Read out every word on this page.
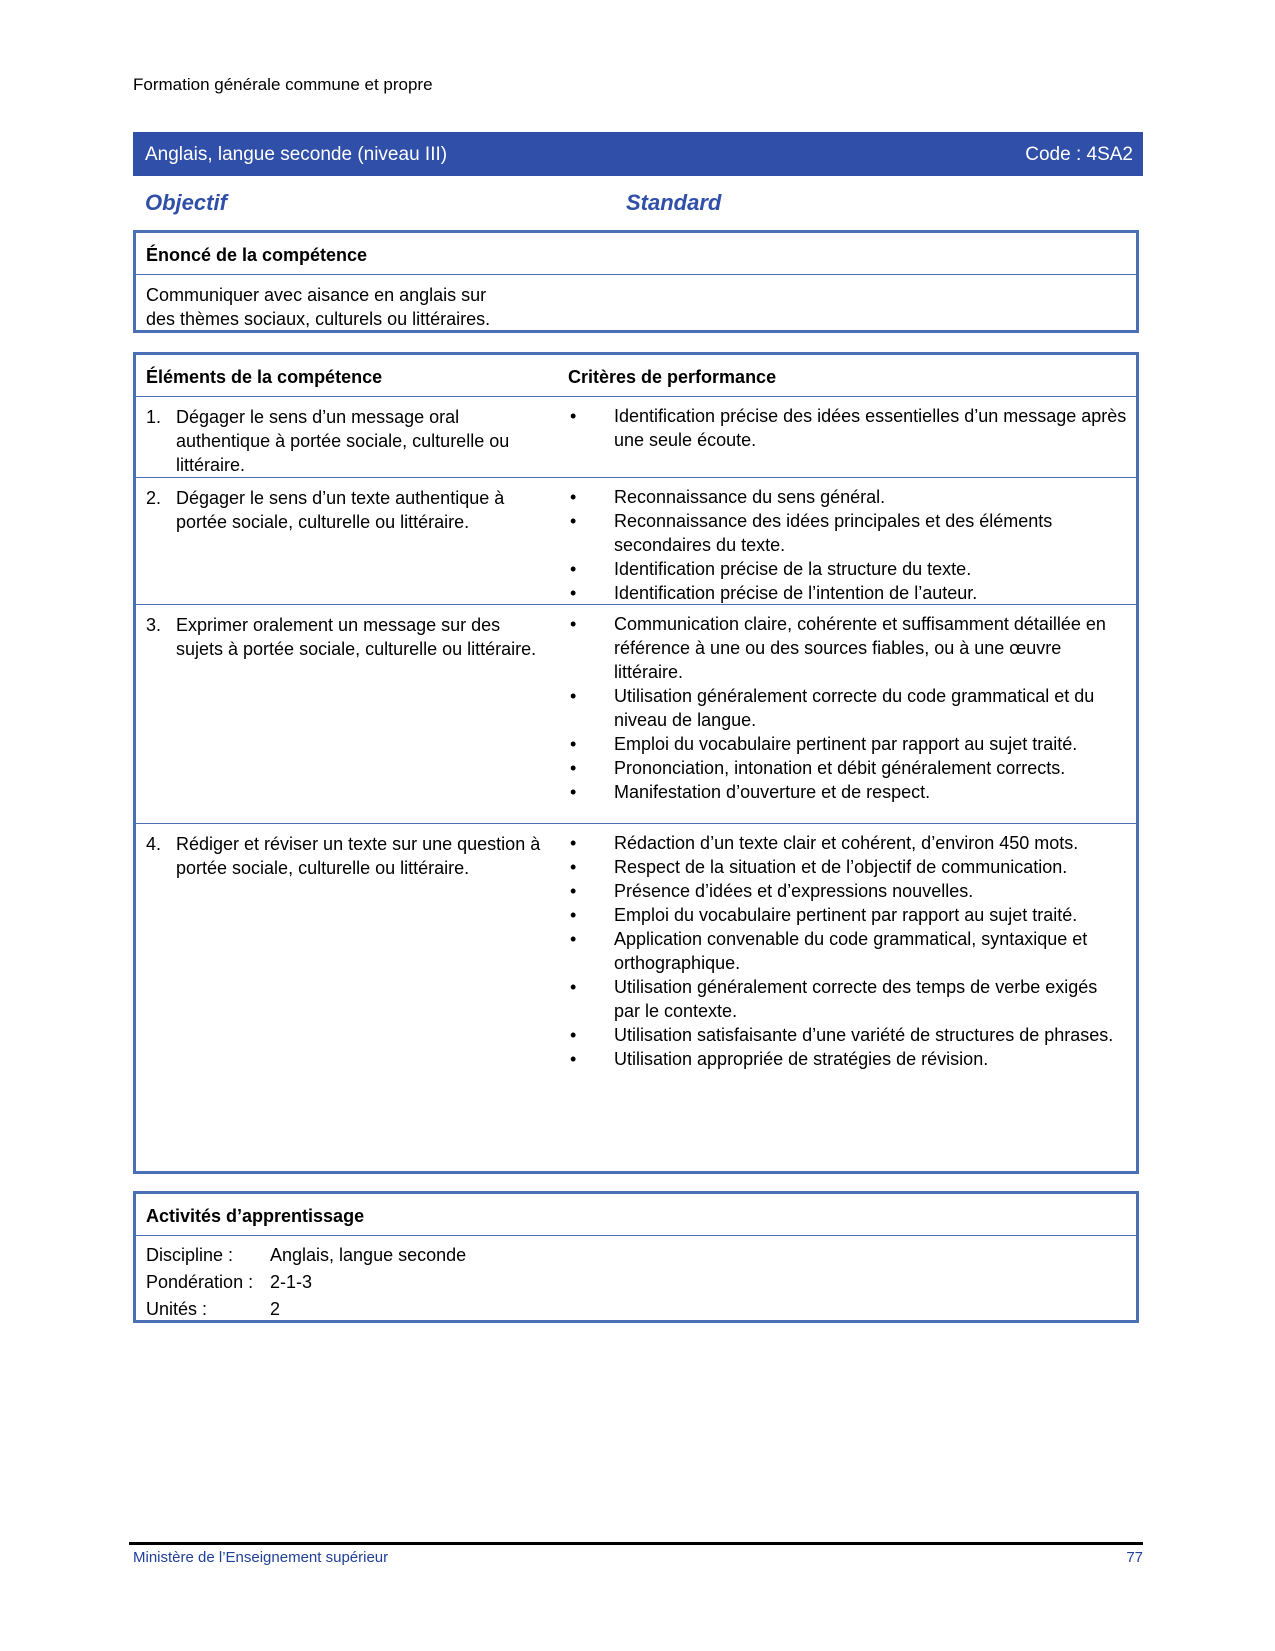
Formation générale commune et propre
Anglais, langue seconde (niveau III)	Code : 4SA2
Objectif	Standard
Énoncé de la compétence
Communiquer avec aisance en anglais sur
des thèmes sociaux, culturels ou littéraires.
Éléments de la compétence	Critères de performance
1. Dégager le sens d’un message oral authentique à portée sociale, culturelle ou littéraire.
• Identification précise des idées essentielles d’un message après une seule écoute.
2. Dégager le sens d’un texte authentique à portée sociale, culturelle ou littéraire.
• Reconnaissance du sens général.
• Reconnaissance des idées principales et des éléments secondaires du texte.
• Identification précise de la structure du texte.
• Identification précise de l’intention de l’auteur.
3. Exprimer oralement un message sur des sujets à portée sociale, culturelle ou littéraire.
• Communication claire, cohérente et suffisamment détaillée en référence à une ou des sources fiables, ou à une œuvre littéraire.
• Utilisation généralement correcte du code grammatical et du niveau de langue.
• Emploi du vocabulaire pertinent par rapport au sujet traité.
• Prononciation, intonation et débit généralement corrects.
• Manifestation d’ouverture et de respect.
4. Rédiger et réviser un texte sur une question à portée sociale, culturelle ou littéraire.
• Rédaction d’un texte clair et cohérent, d’environ 450 mots.
• Respect de la situation et de l’objectif de communication.
• Présence d’idées et d’expressions nouvelles.
• Emploi du vocabulaire pertinent par rapport au sujet traité.
• Application convenable du code grammatical, syntaxique et orthographique.
• Utilisation généralement correcte des temps de verbe exigés par le contexte.
• Utilisation satisfaisante d’une variété de structures de phrases.
• Utilisation appropriée de stratégies de révision.
Activités d’apprentissage
Discipline : Anglais, langue seconde
Pondération : 2-1-3
Unités :	2
Ministère de l’Enseignement supérieur	77
